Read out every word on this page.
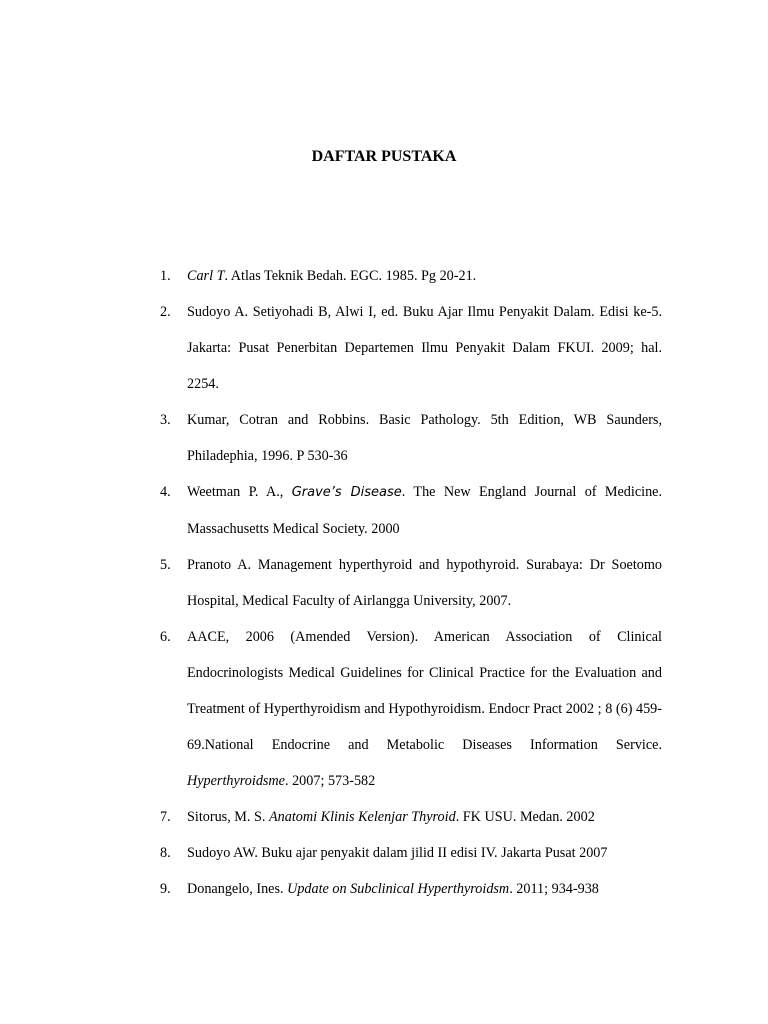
DAFTAR PUSTAKA
1. Carl T. Atlas Teknik Bedah. EGC. 1985. Pg 20-21.
2. Sudoyo A. Setiyohadi B, Alwi I, ed. Buku Ajar Ilmu Penyakit Dalam. Edisi ke-5. Jakarta: Pusat Penerbitan Departemen Ilmu Penyakit Dalam FKUI. 2009; hal. 2254.
3. Kumar, Cotran and Robbins. Basic Pathology. 5th Edition, WB Saunders, Philadephia, 1996. P 530-36
4. Weetman P. A., Grave’s Disease. The New England Journal of Medicine. Massachusetts Medical Society. 2000
5. Pranoto A. Management hyperthyroid and hypothyroid. Surabaya: Dr Soetomo Hospital, Medical Faculty of Airlangga University, 2007.
6. AACE, 2006 (Amended Version). American Association of Clinical Endocrinologists Medical Guidelines for Clinical Practice for the Evaluation and Treatment of Hyperthyroidism and Hypothyroidism. Endocr Pract 2002 ; 8 (6) 459-69.National Endocrine and Metabolic Diseases Information Service. Hyperthyroidsme. 2007; 573-582
7. Sitorus, M. S. Anatomi Klinis Kelenjar Thyroid. FK USU. Medan. 2002
8. Sudoyo AW. Buku ajar penyakit dalam jilid II edisi IV. Jakarta Pusat 2007
9. Donangelo, Ines. Update on Subclinical Hyperthyroidsm. 2011; 934-938
